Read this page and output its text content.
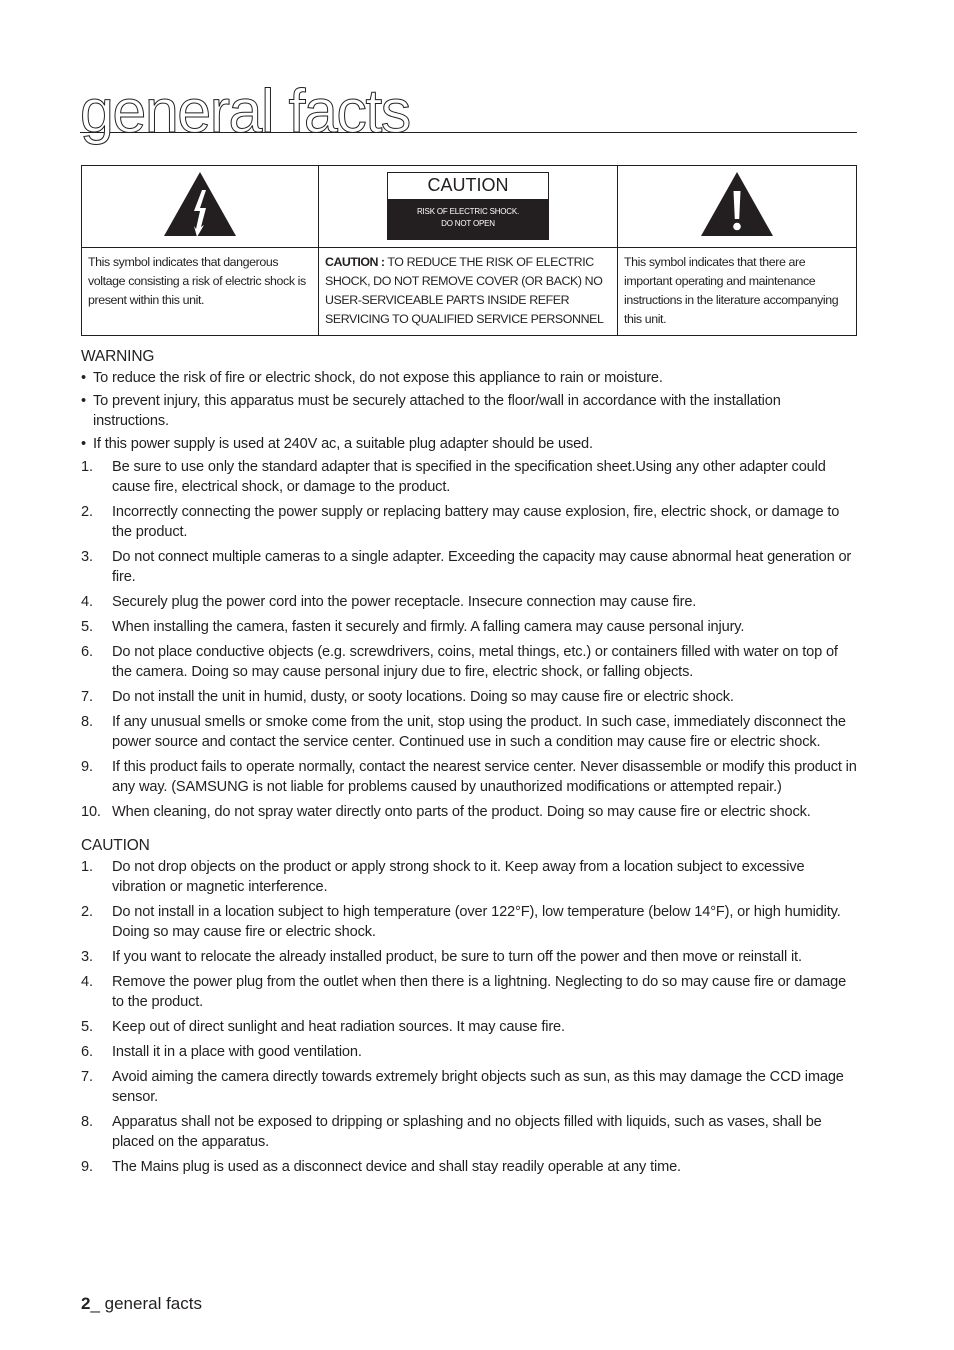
general facts

CAUTION
RISK OF ELECTRIC SHOCK.
DO NOT OPEN

This symbol indicates that dangerous voltage consisting a risk of electric shock is present within this unit.	CAUTION : TO REDUCE THE RISK OF ELECTRIC SHOCK, DO NOT REMOVE COVER (OR BACK) NO USER-SERVICEABLE PARTS INSIDE REFER SERVICING TO QUALIFIED SERVICE PERSONNEL	This symbol indicates that there are important operating and maintenance instructions in the literature accompanying this unit.
WARNING
• To reduce the risk of fire or electric shock, do not expose this appliance to rain or moisture.
• To prevent injury, this apparatus must be securely attached to the floor/wall in accordance with the installation instructions.
• If this power supply is used at 240V ac, a suitable plug adapter should be used.
1. Be sure to use only the standard adapter that is specified in the specification sheet.Using any other adapter could cause fire, electrical shock, or damage to the product.
2. Incorrectly connecting the power supply or replacing battery may cause explosion, fire, electric shock, or damage to the product.
3. Do not connect multiple cameras to a single adapter. Exceeding the capacity may cause abnormal heat generation or fire.
4. Securely plug the power cord into the power receptacle. Insecure connection may cause fire.
5. When installing the camera, fasten it securely and firmly. A falling camera may cause personal injury.
6. Do not place conductive objects (e.g. screwdrivers, coins, metal things, etc.) or containers filled with water on top of the camera. Doing so may cause personal injury due to fire, electric shock, or falling objects.
7. Do not install the unit in humid, dusty, or sooty locations. Doing so may cause fire or electric shock.
8. If any unusual smells or smoke come from the unit, stop using the product. In such case, immediately disconnect the power source and contact the service center. Continued use in such a condition may cause fire or electric shock.
9. If this product fails to operate normally, contact the nearest service center. Never disassemble or modify this product in any way. (SAMSUNG is not liable for problems caused by unauthorized modifications or attempted repair.)
10. When cleaning, do not spray water directly onto parts of the product. Doing so may cause fire or electric shock.
CAUTION
1. Do not drop objects on the product or apply strong shock to it. Keep away from a location subject to excessive vibration or magnetic interference.
2. Do not install in a location subject to high temperature (over 122°F), low temperature (below 14°F), or high humidity. Doing so may cause fire or electric shock.
3. If you want to relocate the already installed product, be sure to turn off the power and then move or reinstall it.
4. Remove the power plug from the outlet when then there is a lightning. Neglecting to do so may cause fire or damage to the product.
5. Keep out of direct sunlight and heat radiation sources. It may cause fire.
6. Install it in a place with good ventilation.
7. Avoid aiming the camera directly towards extremely bright objects such as sun, as this may damage the CCD image sensor.
8. Apparatus shall not be exposed to dripping or splashing and no objects filled with liquids, such as vases, shall be placed on the apparatus.
9. The Mains plug is used as a disconnect device and shall stay readily operable at any time.
2_ general facts
